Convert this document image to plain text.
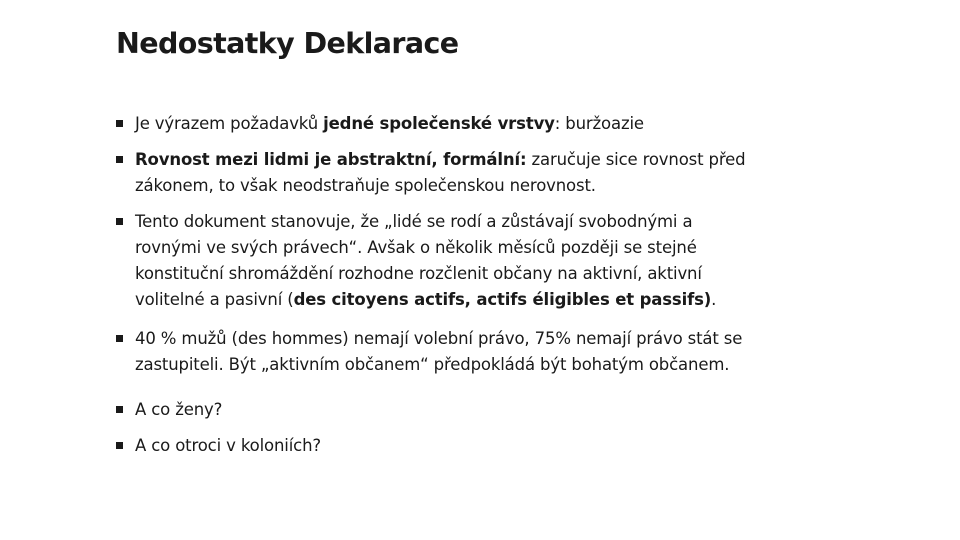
Nedostatky Deklarace
Je výrazem požadavků jedné společenské vrstvy: buržoazie
Rovnost mezi lidmi je abstraktní, formální: zaručuje sice rovnost před
zákonem, to však neodstraňuje společenskou nerovnost.
Tento dokument stanovuje, že „lidé se rodí a zůstávají svobodnými a
rovnými ve svých právech“. Avšak o několik měsíců později se stejné
konstituční shromáždění rozhodne rozčlenit občany na aktivní, aktivní
volitelné a pasivní (des citoyens actifs, actifs éligibles et passifs).
40 % mužů (des hommes) nemají volební právo, 75% nemají právo stát se
zastupiteli. Být „aktivním občanem“ předpokládá být bohatým občanem.
A co ženy?
A co otroci v koloniích?
